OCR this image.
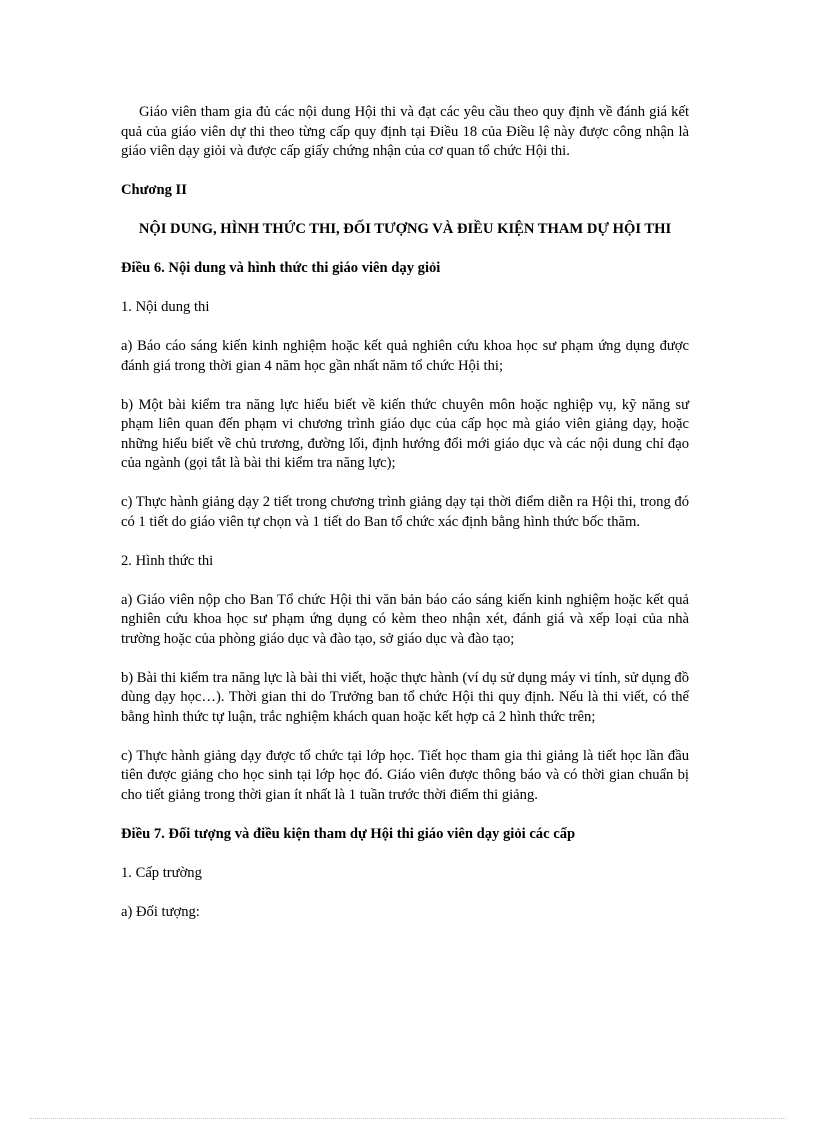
Giáo viên tham gia đủ các nội dung Hội thi và đạt các yêu cầu theo quy định về đánh giá kết quả của giáo viên dự thi theo từng cấp quy định tại Điều 18 của Điều lệ này được công nhận là giáo viên dạy giỏi và được cấp giấy chứng nhận của cơ quan tổ chức Hội thi.

Chương II

NỘI DUNG, HÌNH THỨC THI, ĐỐI TƯỢNG VÀ ĐIỀU KIỆN THAM DỰ HỘI THI

Điều 6. Nội dung và hình thức thi giáo viên dạy giỏi

1. Nội dung thi

a) Báo cáo sáng kiến kinh nghiệm hoặc kết quả nghiên cứu khoa học sư phạm ứng dụng được đánh giá trong thời gian 4 năm học gần nhất năm tổ chức Hội thi;

b) Một bài kiểm tra năng lực hiểu biết về kiến thức chuyên môn hoặc nghiệp vụ, kỹ năng sư phạm liên quan đến phạm vi chương trình giáo dục của cấp học mà giáo viên giảng dạy, hoặc những hiểu biết về chủ trương, đường lối, định hướng đổi mới giáo dục và các nội dung chỉ đạo của ngành (gọi tắt là bài thi kiểm tra năng lực);

c) Thực hành giảng dạy 2 tiết trong chương trình giảng dạy tại thời điểm diễn ra Hội thi, trong đó có 1 tiết do giáo viên tự chọn và 1 tiết do Ban tổ chức xác định bằng hình thức bốc thăm.

2. Hình thức thi

a) Giáo viên nộp cho Ban Tổ chức Hội thi văn bản báo cáo sáng kiến kinh nghiệm hoặc kết quả nghiên cứu khoa học sư phạm ứng dụng có kèm theo nhận xét, đánh giá và xếp loại của nhà trường hoặc của phòng giáo dục và đào tạo, sở giáo dục và đào tạo;

b) Bài thi kiểm tra năng lực là bài thi viết, hoặc thực hành (ví dụ sử dụng máy vi tính, sử dụng đồ dùng dạy học…). Thời gian thi do Trưởng ban tổ chức Hội thi quy định. Nếu là thi viết, có thể bằng hình thức tự luận, trắc nghiệm khách quan hoặc kết hợp cả 2 hình thức trên;

c) Thực hành giảng dạy được tổ chức tại lớp học. Tiết học tham gia thi giảng là tiết học lần đầu tiên được giảng cho học sinh tại lớp học đó. Giáo viên được thông báo và có thời gian chuẩn bị cho tiết giảng trong thời gian ít nhất là 1 tuần trước thời điểm thi giảng.

Điều 7. Đối tượng và điều kiện tham dự Hội thi giáo viên dạy giỏi các cấp

1. Cấp trường

a) Đối tượng:
